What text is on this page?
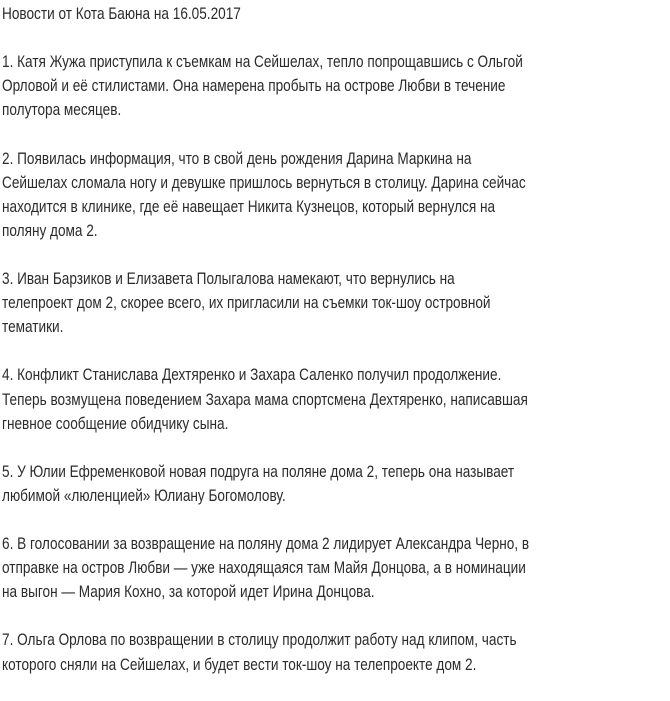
Новости от Кота Баюна на 16.05.2017
1. Катя Жужа приступила к съемкам на Сейшелах, тепло попрощавшись с Ольгой
Орловой и её стилистами. Она намерена пробыть на острове Любви в течение
полутора месяцев.
2. Появилась информация, что в свой день рождения Дарина Маркина на
Сейшелах сломала ногу и девушке пришлось вернуться в столицу. Дарина сейчас
находится в клинике, где её навещает Никита Кузнецов, который вернулся на
поляну дома 2.
3. Иван Барзиков и Елизавета Полыгалова намекают, что вернулись на
телепроект дом 2, скорее всего, их пригласили на съемки ток-шоу островной
тематики.
4. Конфликт Станислава Дехтяренко и Захара Саленко получил продолжение.
Теперь возмущена поведением Захара мама спортсмена Дехтяренко, написавшая
гневное сообщение обидчику сына.
5. У Юлии Ефременковой новая подруга на поляне дома 2, теперь она называет
любимой «люленцией» Юлиану Богомолову.
6. В голосовании за возвращение на поляну дома 2 лидирует Александра Черно, в
отправке на остров Любви — уже находящаяся там Майя Донцова, а в номинации
на выгон — Мария Кохно, за которой идет Ирина Донцова.
7. Ольга Орлова по возвращении в столицу продолжит работу над клипом, часть
которого сняли на Сейшелах, и будет вести ток-шоу на телепроекте дом 2.
